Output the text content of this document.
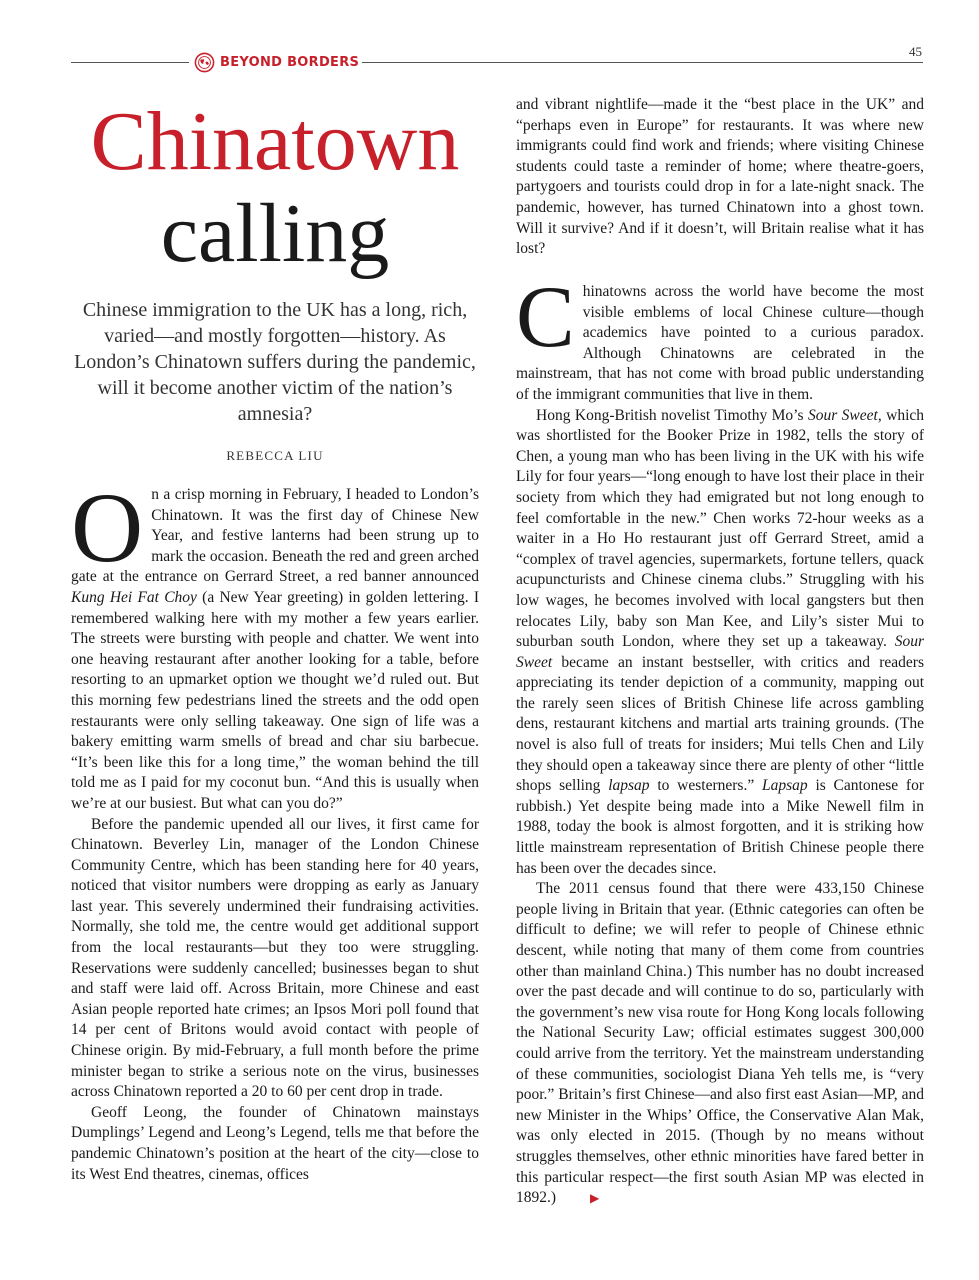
45
BEYOND BORDERS
Chinatown
calling
Chinese immigration to the UK has a long, rich, varied—and mostly forgotten—history. As London’s Chinatown suffers during the pandemic, will it become another victim of the nation’s amnesia?
REBECCA LIU

On a crisp morning in February, I headed to London’s Chinatown. It was the first day of Chinese New Year, and festive lanterns had been strung up to mark the occasion. Beneath the red and green arched gate at the entrance on Gerrard Street, a red banner announced Kung Hei Fat Choy (a New Year greeting) in golden lettering. I remembered walking here with my mother a few years earlier. The streets were bursting with people and chatter. We went into one heaving restaurant after another looking for a table, before resorting to an upmarket option we thought we’d ruled out. But this morning few pedestrians lined the streets and the odd open restaurants were only selling takeaway. One sign of life was a bakery emitting warm smells of bread and char siu barbecue. “It’s been like this for a long time,” the woman behind the till told me as I paid for my coconut bun. “And this is usually when we’re at our busiest. But what can you do?”

Before the pandemic upended all our lives, it first came for Chinatown. Beverley Lin, manager of the London Chinese Community Centre, which has been standing here for 40 years, noticed that visitor numbers were dropping as early as January last year. This severely undermined their fundraising activities. Normally, she told me, the centre would get additional support from the local restaurants—but they too were struggling. Reservations were suddenly cancelled; businesses began to shut and staff were laid off. Across Britain, more Chinese and east Asian people reported hate crimes; an Ipsos Mori poll found that 14 per cent of Britons would avoid contact with people of Chinese origin. By mid-February, a full month before the prime minister began to strike a serious note on the virus, businesses across Chinatown reported a 20 to 60 per cent drop in trade.

Geoff Leong, the founder of Chinatown mainstays Dumplings’ Legend and Leong’s Legend, tells me that before the pandemic Chinatown’s position at the heart of the city—close to its West End theatres, cinemas, offices

and vibrant nightlife—made it the “best place in the UK” and “perhaps even in Europe” for restaurants. It was where new immigrants could find work and friends; where visiting Chinese students could taste a reminder of home; where theatre-goers, partygoers and tourists could drop in for a late-night snack. The pandemic, however, has turned Chinatown into a ghost town. Will it survive? And if it doesn’t, will Britain realise what it has lost?

Chinatowns across the world have become the most visible emblems of local Chinese culture—though academics have pointed to a curious paradox. Although Chinatowns are celebrated in the mainstream, that has not come with broad public understanding of the immigrant communities that live in them.

Hong Kong-British novelist Timothy Mo’s Sour Sweet, which was shortlisted for the Booker Prize in 1982, tells the story of Chen, a young man who has been living in the UK with his wife Lily for four years—“long enough to have lost their place in their society from which they had emigrated but not long enough to feel comfortable in the new.” Chen works 72-hour weeks as a waiter in a Ho Ho restaurant just off Gerrard Street, amid a “complex of travel agencies, supermarkets, fortune tellers, quack acupuncturists and Chinese cinema clubs.” Struggling with his low wages, he becomes involved with local gangsters but then relocates Lily, baby son Man Kee, and Lily’s sister Mui to suburban south London, where they set up a takeaway. Sour Sweet became an instant bestseller, with critics and readers appreciating its tender depiction of a community, mapping out the rarely seen slices of British Chinese life across gambling dens, restaurant kitchens and martial arts training grounds. (The novel is also full of treats for insiders; Mui tells Chen and Lily they should open a takeaway since there are plenty of other “little shops selling lapsap to westerners.” Lapsap is Cantonese for rubbish.) Yet despite being made into a Mike Newell film in 1988, today the book is almost forgotten, and it is striking how little mainstream representation of British Chinese people there has been over the decades since.

The 2011 census found that there were 433,150 Chinese people living in Britain that year. (Ethnic categories can often be difficult to define; we will refer to people of Chinese ethnic descent, while noting that many of them come from countries other than mainland China.) This number has no doubt increased over the past decade and will continue to do so, particularly with the government’s new visa route for Hong Kong locals following the National Security Law; official estimates suggest 300,000 could arrive from the territory. Yet the mainstream understanding of these communities, sociologist Diana Yeh tells me, is “very poor.” Britain’s first Chinese—and also first east Asian—MP, and new Minister in the Whips’ Office, the Conservative Alan Mak, was only elected in 2015. (Though by no means without struggles themselves, other ethnic minorities have fared better in this particular respect—the first south Asian MP was elected in 1892.)	▶
